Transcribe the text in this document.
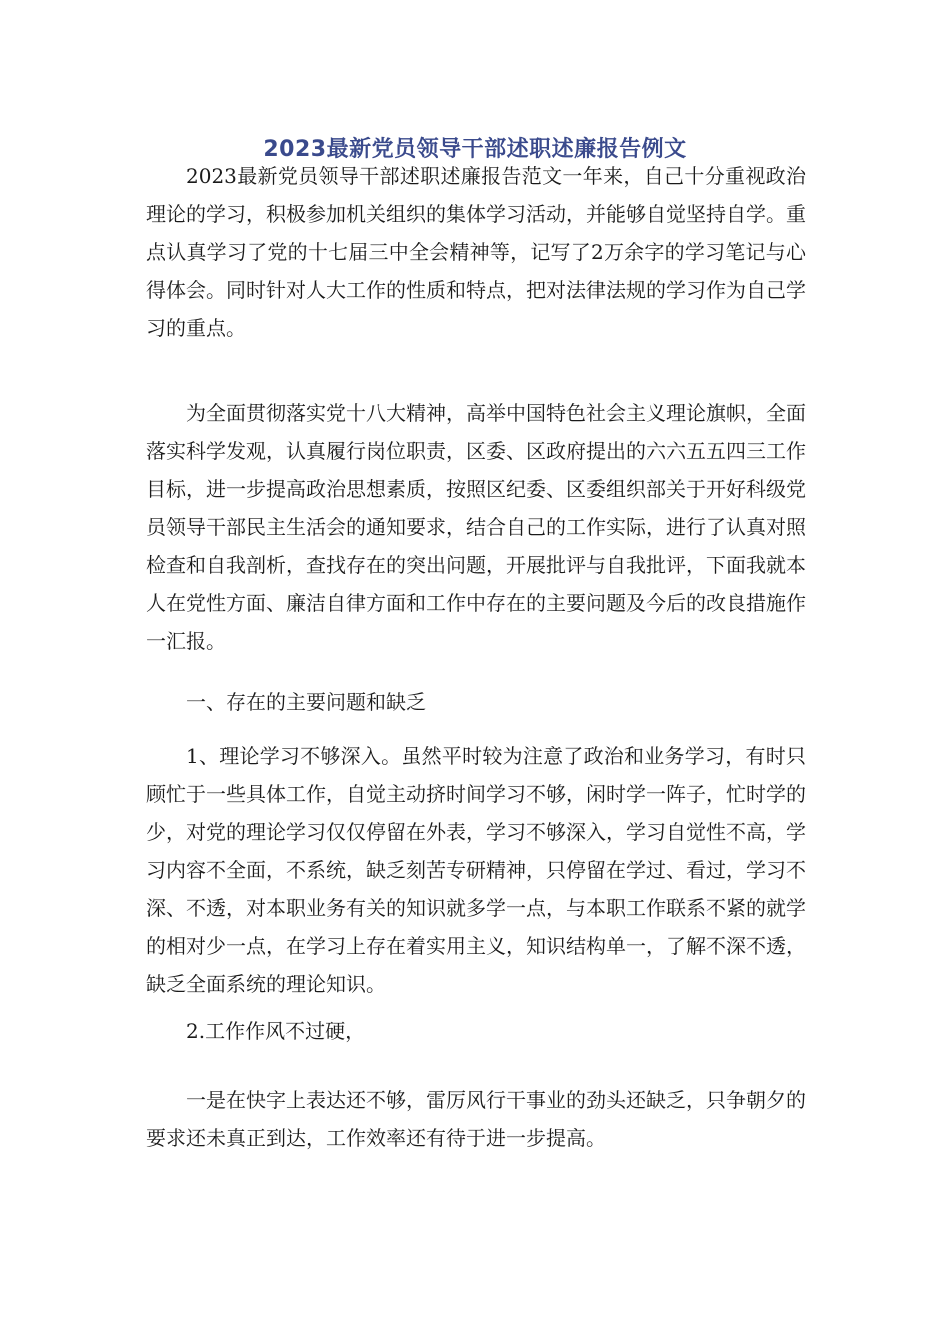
2023最新党员领导干部述职述廉报告例文

2023最新党员领导干部述职述廉报告范文一年来，自己十分重视政治理论的学习，积极参加机关组织的集体学习活动，并能够自觉坚持自学。重点认真学习了党的十七届三中全会精神等，记写了2万余字的学习笔记与心得体会。同时针对人大工作的性质和特点，把对法律法规的学习作为自己学习的重点。

为全面贯彻落实党十八大精神，高举中国特色社会主义理论旗帜，全面落实科学发观，认真履行岗位职责，区委、区政府提出的六六五五四三工作目标，进一步提高政治思想素质，按照区纪委、区委组织部关于开好科级党员领导干部民主生活会的通知要求，结合自己的工作实际，进行了认真对照检查和自我剖析，查找存在的突出问题，开展批评与自我批评，下面我就本人在党性方面、廉洁自律方面和工作中存在的主要问题及今后的改良措施作一汇报。

一、存在的主要问题和缺乏

1、理论学习不够深入。虽然平时较为注意了政治和业务学习，有时只顾忙于一些具体工作，自觉主动挤时间学习不够，闲时学一阵子，忙时学的少，对党的理论学习仅仅停留在外表，学习不够深入，学习自觉性不高，学习内容不全面，不系统，缺乏刻苦专研精神，只停留在学过、看过，学习不深、不透，对本职业务有关的知识就多学一点，与本职工作联系不紧的就学的相对少一点，在学习上存在着实用主义，知识结构单一，了解不深不透，缺乏全面系统的理论知识。

2.工作作风不过硬，

一是在快字上表达还不够，雷厉风行干事业的劲头还缺乏，只争朝夕的要求还未真正到达，工作效率还有待于进一步提高。
